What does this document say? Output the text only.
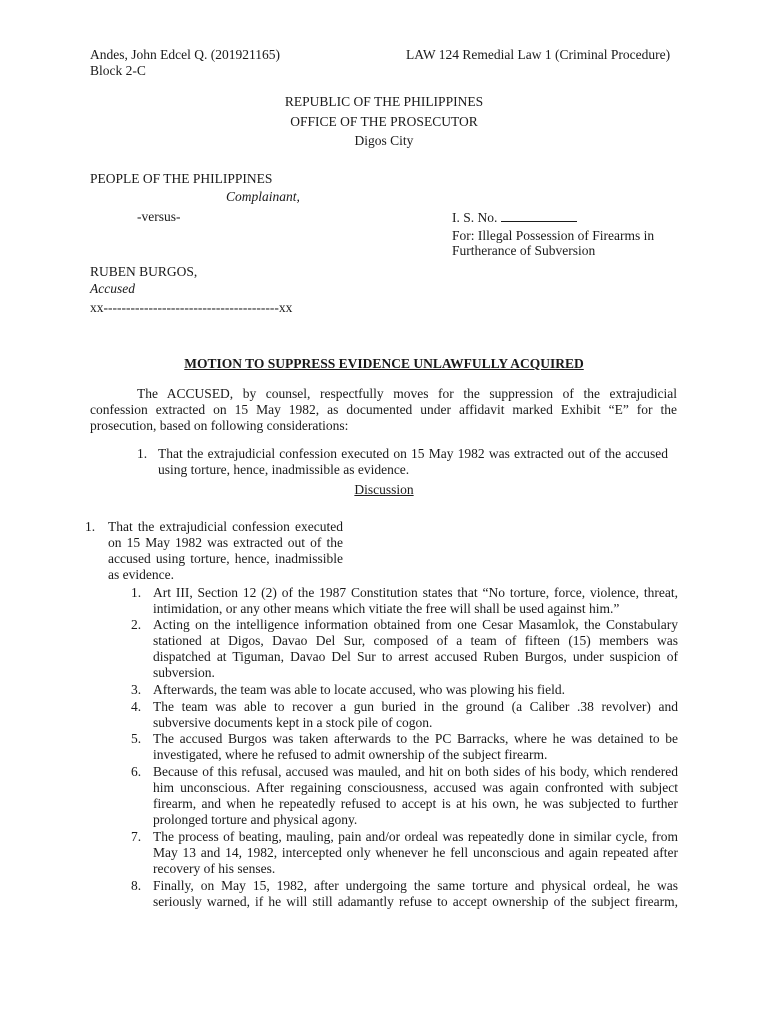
Andes, John Edcel Q. (201921165)
Block 2-C
LAW 124 Remedial Law 1 (Criminal Procedure)
REPUBLIC OF THE PHILIPPINES
OFFICE OF THE PROSECUTOR
Digos City
PEOPLE OF THE PHILIPPINES
Complainant,
-versus-	I. S. No.
For: Illegal Possession of Firearms in
Furtherance of Subversion
RUBEN BURGOS,
Accused
xx---------------------------------------xx
MOTION TO SUPPRESS EVIDENCE UNLAWFULLY ACQUIRED
The ACCUSED, by counsel, respectfully moves for the suppression of the extrajudicial
confession extracted on 15 May 1982, as documented under affidavit marked Exhibit “E” for the
prosecution, based on following considerations:
1. That the extrajudicial confession executed on 15 May 1982 was extracted out of the accused
using torture, hence, inadmissible as evidence.
Discussion
1. That the extrajudicial confession executed
on 15 May 1982 was extracted out of the
accused using torture, hence, inadmissible
as evidence.
1. Art III, Section 12 (2) of the 1987 Constitution states that “No torture, force, violence, threat,
intimidation, or any other means which vitiate the free will shall be used against him.”
2. Acting on the intelligence information obtained from one Cesar Masamlok, the Constabulary
stationed at Digos, Davao Del Sur, composed of a team of fifteen (15) members was
dispatched at Tiguman, Davao Del Sur to arrest accused Ruben Burgos, under suspicion of
subversion.
3. Afterwards, the team was able to locate accused, who was plowing his field.
4. The team was able to recover a gun buried in the ground (a Caliber .38 revolver) and
subversive documents kept in a stock pile of cogon.
5. The accused Burgos was taken afterwards to the PC Barracks, where he was detained to be
investigated, where he refused to admit ownership of the subject firearm.
6. Because of this refusal, accused was mauled, and hit on both sides of his body, which rendered
him unconscious. After regaining consciousness, accused was again confronted with subject
firearm, and when he repeatedly refused to accept is at his own, he was subjected to further
prolonged torture and physical agony.
7. The process of beating, mauling, pain and/or ordeal was repeatedly done in similar cycle, from
May 13 and 14, 1982, intercepted only whenever he fell unconscious and again repeated after
recovery of his senses.
8. Finally, on May 15, 1982, after undergoing the same torture and physical ordeal, he was
seriously warned, if he will still adamantly refuse to accept ownership of the subject firearm,
